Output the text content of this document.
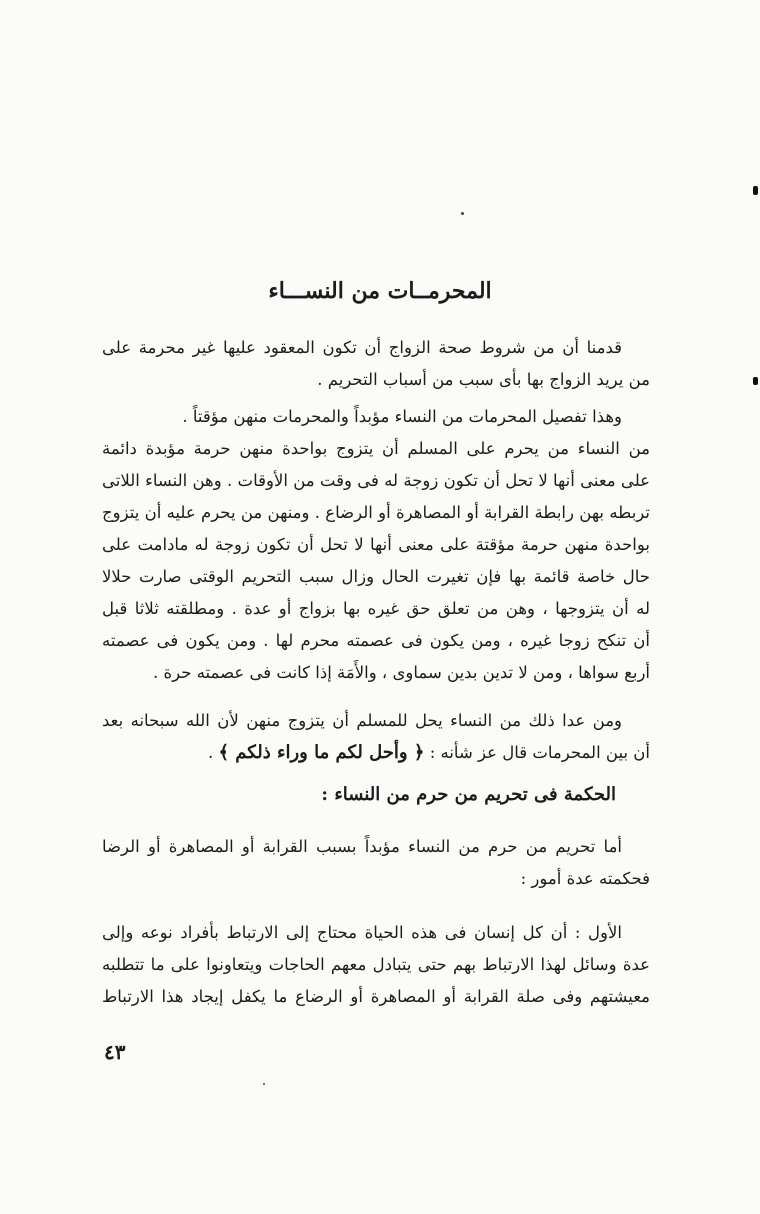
المحرمــات من النســـاء
قدمنا أن من شروط صحة الزواج أن تكون المعقود عليها غير محرمة على
من يريد الزواج بها بأى سبب من أسباب التحريم .
وهذا تفصيل المحرمات من النساء مؤبداً والمحرمات منهن مؤقتاً .
من النساء من يحرم على المسلم أن يتزوج بواحدة منهن حرمة مؤبدة دائمة
على معنى أنها لا تحل أن تكون زوجة له فى وقت من الأوقات . وهن النساء اللاتى
تربطه بهن رابطة القرابة أو المصاهرة أو الرضاع . ومنهن من يحرم عليه أن يتزوج
بواحدة منهن حرمة مؤقتة على معنى أنها لا تحل أن تكون زوجة له مادامت على
حال خاصة قائمة بها فإن تغيرت الحال وزال سبب التحريم الوقتى صارت حلالا
له أن يتزوجها ، وهن من تعلق حق غيره بها بزواج أو عدة . ومطلقته ثلاثا قبل
أن تنكح زوجا غيره ، ومن يكون فى عصمته محرم لها . ومن يكون فى عصمته
أربع سواها ، ومن لا تدين بدين سماوى ، والأَمَة إذا كانت فى عصمته حرة .
ومن عدا ذلك من النساء يحل للمسلم أن يتزوج منهن لأن الله سبحانه بعد
أن بين المحرمات قال عز شأنه : ﴿ وأحل لكم ما وراء ذلكم ﴾ .
الحكمة فى تحريم من حرم من النساء :
أما تحريم من حرم من النساء مؤبداً بسبب القرابة أو المصاهرة أو الرضا
فحكمته عدة أمور :
الأول : أن كل إنسان فى هذه الحياة محتاج إلى الارتباط بأفراد نوعه وإلى
عدة وسائل لهذا الارتباط بهم حتى يتبادل معهم الحاجات ويتعاونوا على ما تتطلبه
معيشتهم وفى صلة القرابة أو المصاهرة أو الرضاع ما يكفل إيجاد هذا الارتباط
٤٣
